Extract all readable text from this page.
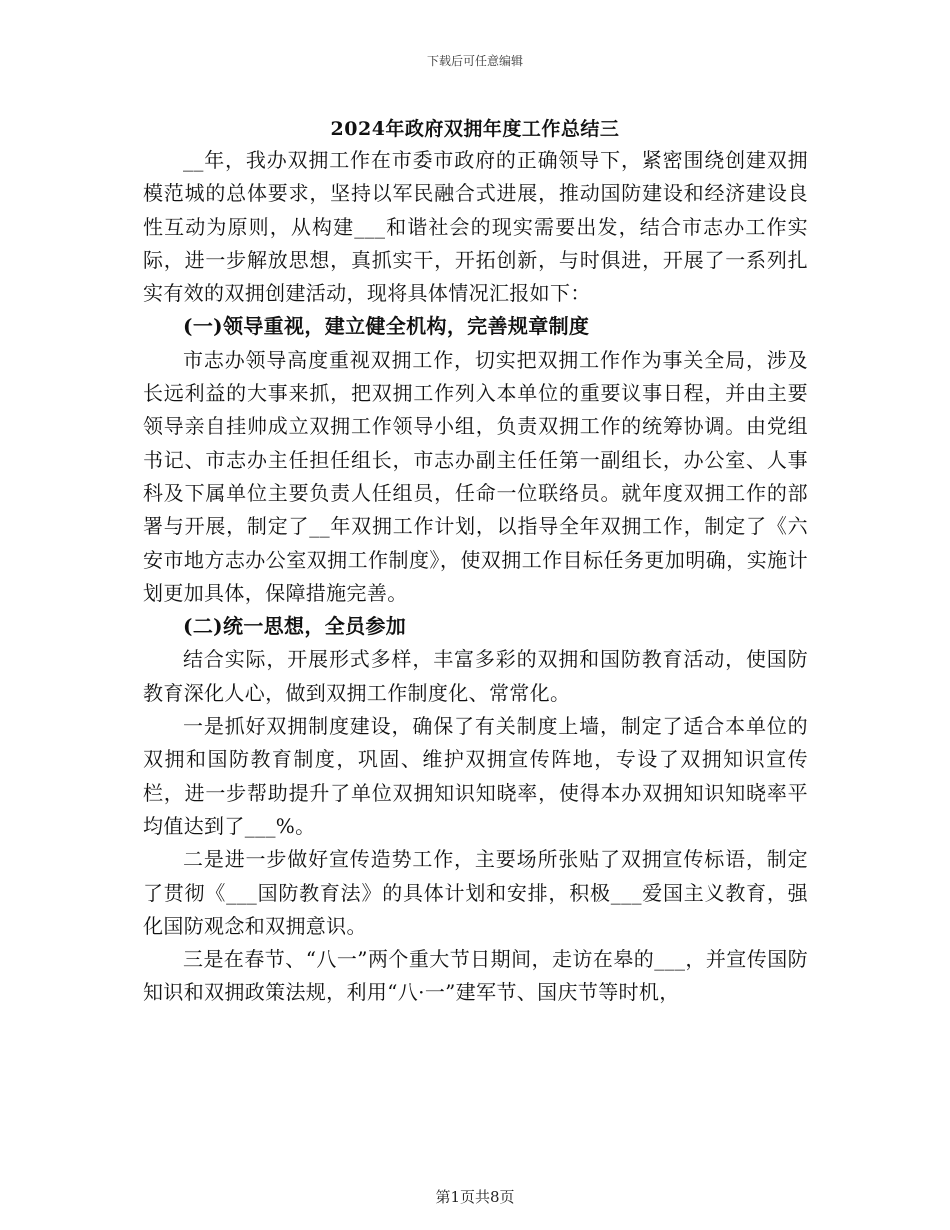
下载后可任意编辑
2024年政府双拥年度工作总结三

__年，我办双拥工作在市委市政府的正确领导下，紧密围绕创建双拥模范城的总体要求，坚持以军民融合式进展，推动国防建设和经济建设良性互动为原则，从构建___和谐社会的现实需要出发，结合市志办工作实际，进一步解放思想，真抓实干，开拓创新，与时俱进，开展了一系列扎实有效的双拥创建活动，现将具体情况汇报如下：

(一)领导重视，建立健全机构，完善规章制度

市志办领导高度重视双拥工作，切实把双拥工作作为事关全局，涉及长远利益的大事来抓，把双拥工作列入本单位的重要议事日程，并由主要领导亲自挂帅成立双拥工作领导小组，负责双拥工作的统筹协调。由党组书记、市志办主任担任组长，市志办副主任任第一副组长，办公室、人事科及下属单位主要负责人任组员，任命一位联络员。就年度双拥工作的部署与开展，制定了__年双拥工作计划，以指导全年双拥工作，制定了《六安市地方志办公室双拥工作制度》，使双拥工作目标任务更加明确，实施计划更加具体，保障措施完善。

(二)统一思想，全员参加

结合实际，开展形式多样，丰富多彩的双拥和国防教育活动，使国防教育深化人心，做到双拥工作制度化、常常化。

一是抓好双拥制度建设，确保了有关制度上墙，制定了适合本单位的双拥和国防教育制度，巩固、维护双拥宣传阵地，专设了双拥知识宣传栏，进一步帮助提升了单位双拥知识知晓率，使得本办双拥知识知晓率平均值达到了___%。

二是进一步做好宣传造势工作，主要场所张贴了双拥宣传标语，制定了贯彻《___国防教育法》的具体计划和安排，积极___爱国主义教育，强化国防观念和双拥意识。

三是在春节、“八一”两个重大节日期间，走访在皋的___，并宣传国防知识和双拥政策法规，利用“八·一”建军节、国庆节等时机，

第1页共8页
